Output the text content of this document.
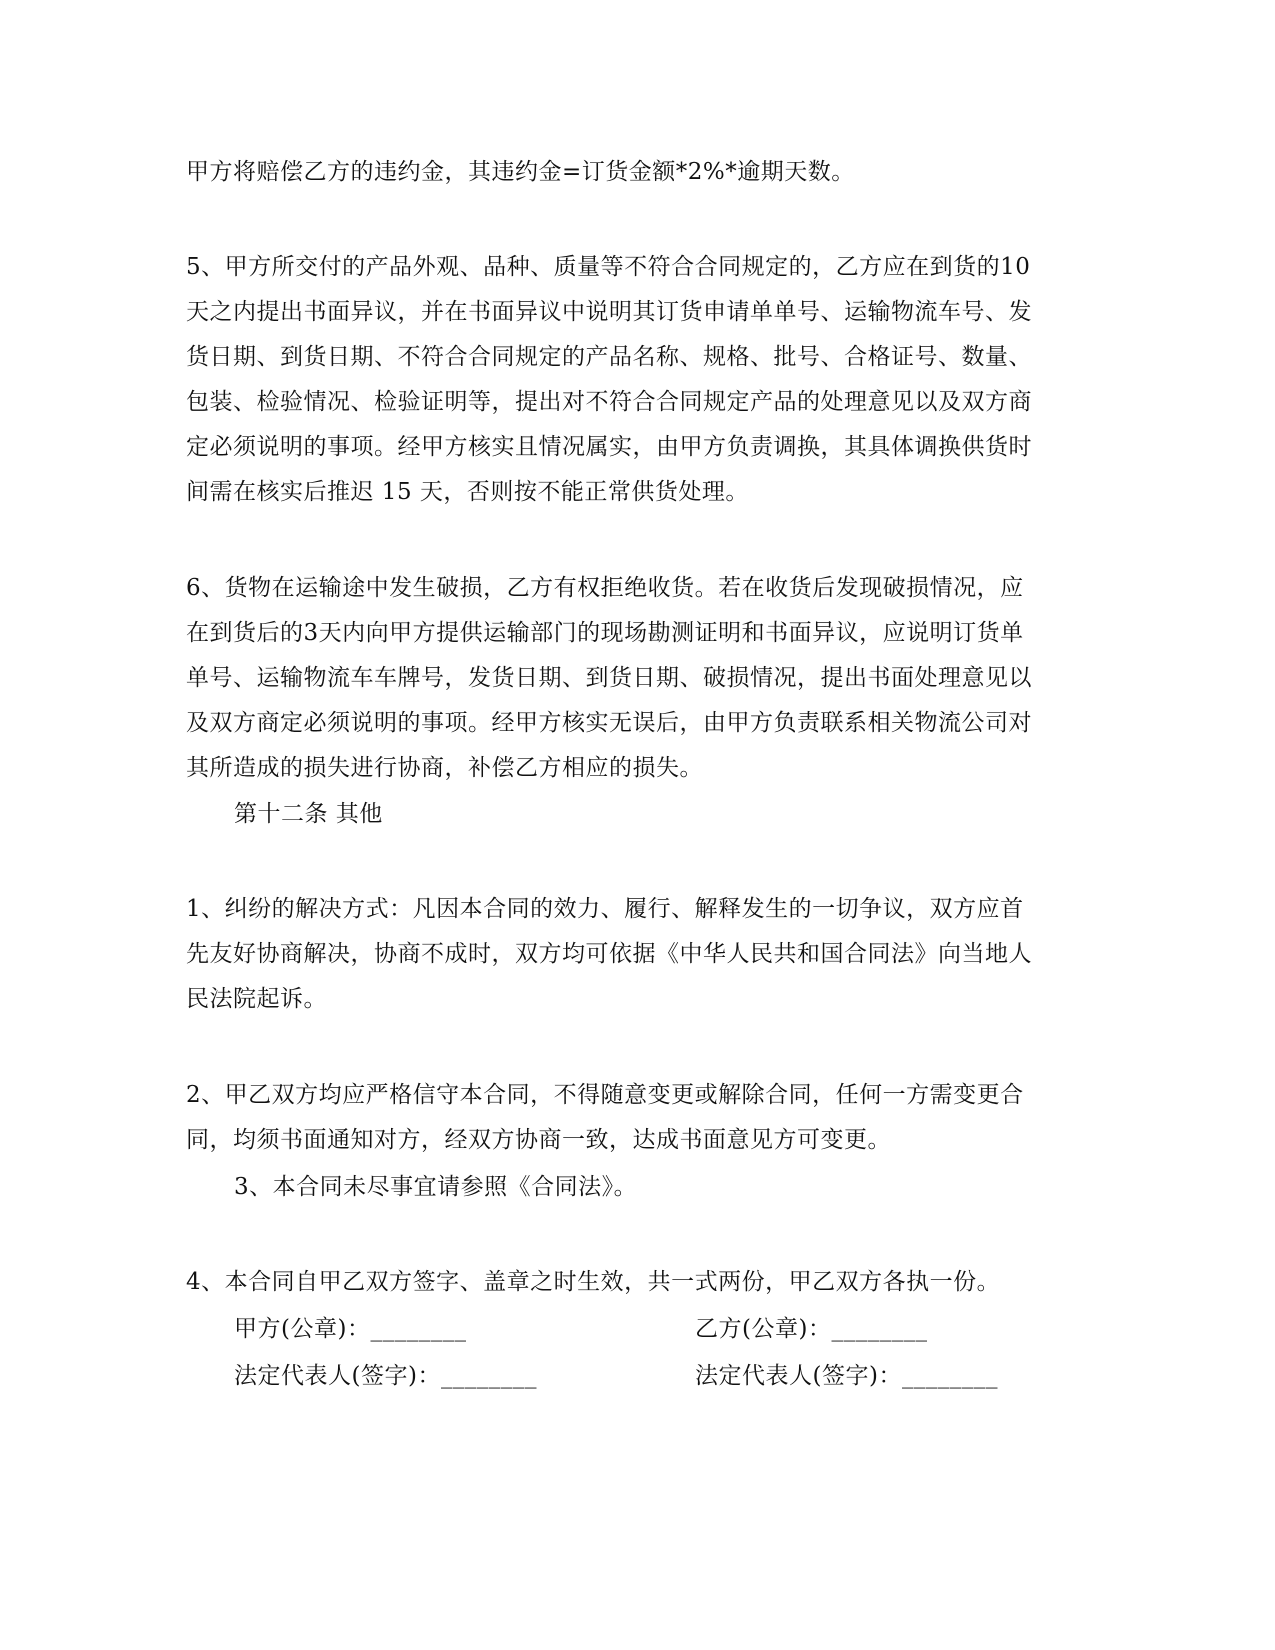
甲方将赔偿乙方的违约金，其违约金=订货金额*2%*逾期天数。
5、甲方所交付的产品外观、品种、质量等不符合合同规定的，乙方应在到货的10
天之内提出书面异议，并在书面异议中说明其订货申请单单号、运输物流车号、发
货日期、到货日期、不符合合同规定的产品名称、规格、批号、合格证号、数量、
包装、检验情况、检验证明等，提出对不符合合同规定产品的处理意见以及双方商
定必须说明的事项。经甲方核实且情况属实，由甲方负责调换，其具体调换供货时
间需在核实后推迟 15 天，否则按不能正常供货处理。
6、货物在运输途中发生破损，乙方有权拒绝收货。若在收货后发现破损情况，应
在到货后的3天内向甲方提供运输部门的现场勘测证明和书面异议，应说明订货单
单号、运输物流车车牌号，发货日期、到货日期、破损情况，提出书面处理意见以
及双方商定必须说明的事项。经甲方核实无误后，由甲方负责联系相关物流公司对
其所造成的损失进行协商，补偿乙方相应的损失。
第十二条 其他
1、纠纷的解决方式：凡因本合同的效力、履行、解释发生的一切争议，双方应首
先友好协商解决，协商不成时，双方均可依据《中华人民共和国合同法》向当地人
民法院起诉。
2、甲乙双方均应严格信守本合同，不得随意变更或解除合同，任何一方需变更合
同，均须书面通知对方，经双方协商一致，达成书面意见方可变更。
3、本合同未尽事宜请参照《合同法》。
4、本合同自甲乙双方签字、盖章之时生效，共一式两份，甲乙双方各执一份。
甲方(公章)：________	乙方(公章)：________
法定代表人(签字)：________	法定代表人(签字)：________
